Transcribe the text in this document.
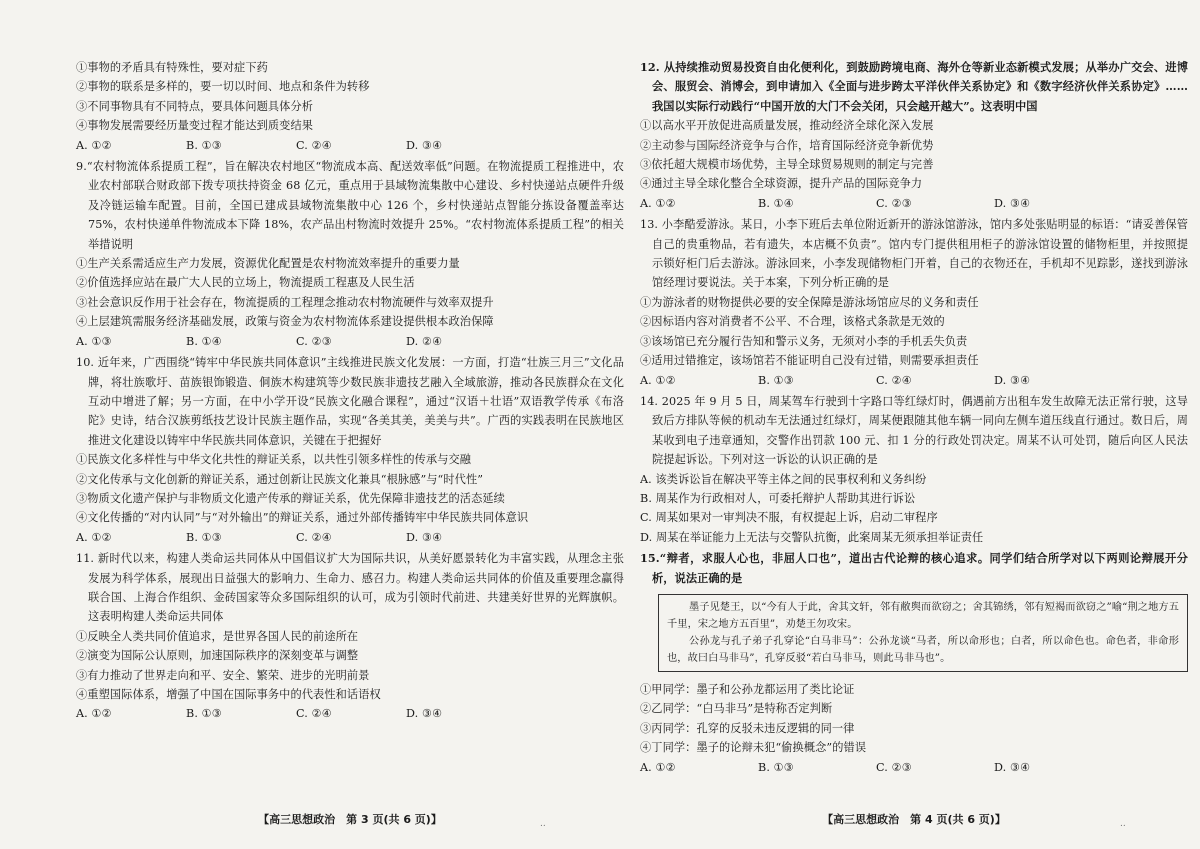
①事物的矛盾具有特殊性，要对症下药

②事物的联系是多样的，要一切以时间、地点和条件为转移

③不同事物具有不同特点，要具体问题具体分析

④事物发展需要经历量变过程才能达到质变结果

A. ①②	B. ①③	C. ②④	D. ③④

9.“农村物流体系提质工程”，旨在解决农村地区“物流成本高、配送效率低”问题。在物流提质工程推进中，农业农村部联合财政部下拨专项扶持资金 68 亿元，重点用于县域物流集散中心建设、乡村快递站点硬件升级及冷链运输车配置。目前，全国已建成县域物流集散中心 126 个，乡村快递站点智能分拣设备覆盖率达 75%，农村快递单件物流成本下降 18%，农产品出村物流时效提升 25%。“农村物流体系提质工程”的相关举措说明

①生产关系需适应生产力发展，资源优化配置是农村物流效率提升的重要力量

②价值选择应站在最广大人民的立场上，物流提质工程惠及人民生活

③社会意识反作用于社会存在，物流提质的工程理念推动农村物流硬件与效率双提升

④上层建筑需服务经济基础发展，政策与资金为农村物流体系建设提供根本政治保障

A. ①③	B. ①④	C. ②③	D. ②④

10. 近年来，广西围绕“铸牢中华民族共同体意识”主线推进民族文化发展：一方面，打造“壮族三月三”文化品牌，将壮族歌圩、苗族银饰锻造、侗族木构建筑等少数民族非遗技艺融入全域旅游，推动各民族群众在文化互动中增进了解；另一方面，在中小学开设“民族文化融合课程”，通过“汉语＋壮语”双语教学传承《布洛陀》史诗，结合汉族剪纸技艺设计民族主题作品，实现“各美其美，美美与共”。广西的实践表明在民族地区推进文化建设以铸牢中华民族共同体意识，关键在于把握好

①民族文化多样性与中华文化共性的辩证关系，以共性引领多样性的传承与交融

②文化传承与文化创新的辩证关系，通过创新让民族文化兼具“根脉感”与“时代性”

③物质文化遗产保护与非物质文化遗产传承的辩证关系，优先保障非遗技艺的活态延续

④文化传播的“对内认同”与“对外输出”的辩证关系，通过外部传播铸牢中华民族共同体意识

A. ①②	B. ①③	C. ②④	D. ③④

11. 新时代以来，构建人类命运共同体从中国倡议扩大为国际共识，从美好愿景转化为丰富实践，从理念主张发展为科学体系，展现出日益强大的影响力、生命力、感召力。构建人类命运共同体的价值及重要理念赢得联合国、上海合作组织、金砖国家等众多国际组织的认可，成为引领时代前进、共建美好世界的光辉旗帜。这表明构建人类命运共同体

①反映全人类共同价值追求，是世界各国人民的前途所在

②演变为国际公认原则，加速国际秩序的深刻变革与调整

③有力推动了世界走向和平、安全、繁荣、进步的光明前景

④重塑国际体系，增强了中国在国际事务中的代表性和话语权

A. ①②	B. ①③	C. ②④	D. ③④

12. 从持续推动贸易投资自由化便利化，到鼓励跨境电商、海外仓等新业态新模式发展；从举办广交会、进博会、服贸会、消博会，到申请加入《全面与进步跨太平洋伙伴关系协定》和《数字经济伙伴关系协定》……我国以实际行动践行“中国开放的大门不会关闭，只会越开越大”。这表明中国

①以高水平开放促进高质量发展，推动经济全球化深入发展

②主动参与国际经济竞争与合作，培育国际经济竞争新优势

③依托超大规模市场优势，主导全球贸易规则的制定与完善

④通过主导全球化整合全球资源，提升产品的国际竞争力

A. ①②	B. ①④	C. ②③	D. ③④

13. 小李酷爱游泳。某日，小李下班后去单位附近新开的游泳馆游泳，馆内多处张贴明显的标语：“请妥善保管自己的贵重物品，若有遗失，本店概不负责”。馆内专门提供租用柜子的游泳馆设置的储物柜里，并按照提示锁好柜门后去游泳。游泳回来，小李发现储物柜门开着，自己的衣物还在，手机却不见踪影，遂找到游泳馆经理讨要说法。关于本案，下列分析正确的是

①为游泳者的财物提供必要的安全保障是游泳场馆应尽的义务和责任

②因标语内容对消费者不公平、不合理，该格式条款是无效的

③该场馆已充分履行告知和警示义务，无须对小李的手机丢失负责

④适用过错推定，该场馆若不能证明自己没有过错，则需要承担责任

A. ①②	B. ①③	C. ②④	D. ③④

14. 2025 年 9 月 5 日，周某驾车行驶到十字路口等红绿灯时，偶遇前方出租车发生故障无法正常行驶，这导致后方排队等候的机动车无法通过红绿灯，周某便跟随其他车辆一同向左侧车道压线直行通过。数日后，周某收到电子违章通知，交警作出罚款 100 元、扣 1 分的行政处罚决定。周某不认可处罚，随后向区人民法院提起诉讼。下列对这一诉讼的认识正确的是

A. 该类诉讼旨在解决平等主体之间的民事权利和义务纠纷

B. 周某作为行政相对人，可委托辩护人帮助其进行诉讼

C. 周某如果对一审判决不服，有权提起上诉，启动二审程序

D. 周某在举证能力上无法与交警队抗衡，此案周某无须承担举证责任

15.“辩者，求服人心也，非屈人口也”，道出古代论辩的核心追求。同学们结合所学对以下两则论辩展开分析，说法正确的是

墨子见楚王，以“今有人于此，舍其文轩，邻有敝舆而欲窃之；舍其锦绣，邻有短褐而欲窃之”喻“荆之地方五千里，宋之地方五百里”，劝楚王勿攻宋。

公孙龙与孔子弟子孔穿论“白马非马”：公孙龙谈“马者，所以命形也；白者，所以命色也。命色者，非命形也，故曰白马非马”，孔穿反驳“若白马非马，则此马非马也”。

①甲同学：墨子和公孙龙都运用了类比论证

②乙同学：“白马非马”是特称否定判断

③丙同学：孔穿的反驳未违反逻辑的同一律

④丁同学：墨子的论辩未犯“偷换概念”的错误

A. ①②	B. ①③	C. ②③	D. ③④
【高三思想政治　第 3 页(共 6 页)】	【高三思想政治　第 4 页(共 6 页)】
..	..
